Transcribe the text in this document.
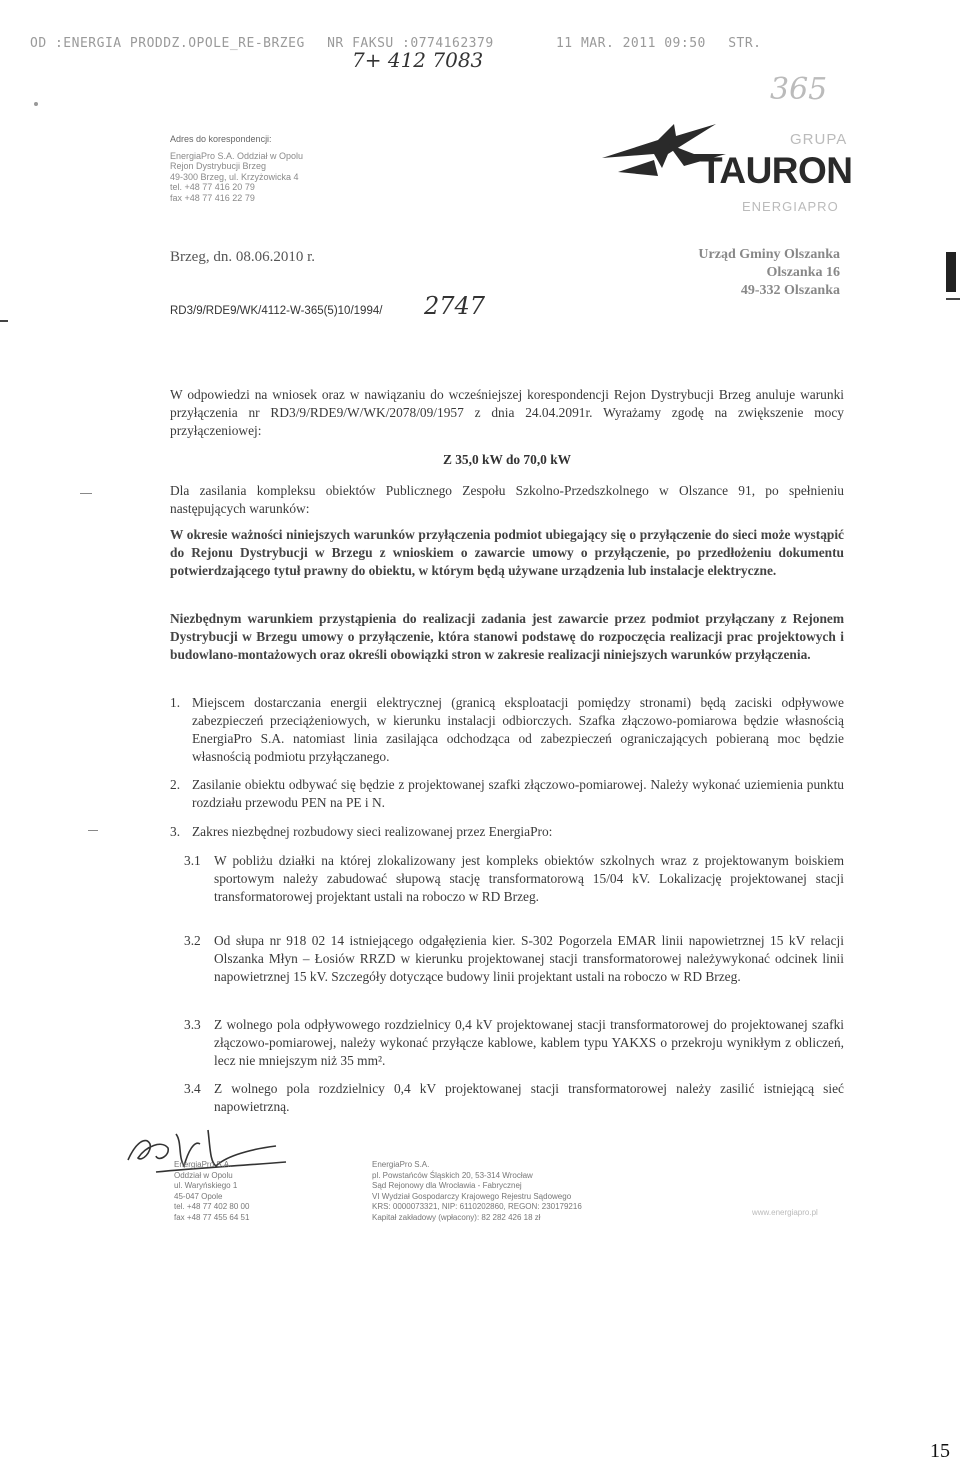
OD :ENERGIA PRODDZ.OPOLE_RE-BRZEG NR FAKSU :0774162379	11 MAR. 2011 09:50 STR.
7+ 412 7083
365
Adres do korespondencji:
EnergiaPro S.A. Oddział w Opolu
Rejon Dystrybucji Brzeg
49-300 Brzeg, ul. Krzyżowicka 4
tel. +48 77 416 20 79
fax +48 77 416 22 79
GRUPA
TAURON
ENERGIAPRO
Brzeg, dn. 08.06.2010 r.	Urząd Gminy Olszanka
Olszanka 16
49-332 Olszanka
RD3/9/RDE9/WK/4112-W-365(5)10/1994/ 2747
W odpowiedzi na wniosek oraz w nawiązaniu do wcześniejszej korespondencji Rejon Dystrybucji Brzeg anuluje warunki przyłączenia nr RD3/9/RDE9/W/WK/2078/09/1957 z dnia 24.04.2091r. Wyrażamy zgodę na zwiększenie mocy przyłączeniowej:
Z 35,0 kW do 70,0 kW
Dla zasilania kompleksu obiektów Publicznego Zespołu Szkolno-Przedszkolnego w Olszance 91, po spełnieniu następujących warunków:
W okresie ważności niniejszych warunków przyłączenia podmiot ubiegający się o przyłączenie do sieci może wystąpić do Rejonu Dystrybucji w Brzegu z wnioskiem o zawarcie umowy o przyłączenie, po przedłożeniu dokumentu potwierdzającego tytuł prawny do obiektu, w którym będą używane urządzenia lub instalacje elektryczne.
Niezbędnym warunkiem przystąpienia do realizacji zadania jest zawarcie przez podmiot przyłączany z Rejonem Dystrybucji w Brzegu umowy o przyłączenie, która stanowi podstawę do rozpoczęcia realizacji prac projektowych i budowlano-montażowych oraz określi obowiązki stron w zakresie realizacji niniejszych warunków przyłączenia.
1. Miejscem dostarczania energii elektrycznej (granicą eksploatacji pomiędzy stronami) będą zaciski odpływowe zabezpieczeń przeciążeniowych, w kierunku instalacji odbiorczych. Szafka złączowo-pomiarowa będzie własnością EnergiaPro S.A. natomiast linia zasilająca odchodząca od zabezpieczeń ograniczających pobieraną moc będzie własnością podmiotu przyłączanego.
2. Zasilanie obiektu odbywać się będzie z projektowanej szafki złączowo-pomiarowej. Należy wykonać uziemienia punktu rozdziału przewodu PEN na PE i N.
3. Zakres niezbędnej rozbudowy sieci realizowanej przez EnergiaPro:
3.1 W pobliżu działki na której zlokalizowany jest kompleks obiektów szkolnych wraz z projektowanym boiskiem sportowym należy zabudować słupową stację transformatorową 15/04 kV. Lokalizację projektowanej stacji transformatorowej projektant ustali na roboczo w RD Brzeg.
3.2 Od słupa nr 918 02 14 istniejącego odgałęzienia kier. S-302 Pogorzela EMAR linii napowietrznej 15 kV relacji Olszanka Młyn – Łosiów RRZD w kierunku projektowanej stacji transformatorowej należywykonać odcinek linii napowietrznej 15 kV. Szczegóły dotyczące budowy linii projektant ustali na roboczo w RD Brzeg.
3.3 Z wolnego pola odpływowego rozdzielnicy 0,4 kV projektowanej stacji transformatorowej do projektowanej szafki złączowo-pomiarowej, należy wykonać przyłącze kablowe, kablem typu YAKXS o przekroju wynikłym z obliczeń, lecz nie mniejszym niż 35 mm².
3.4 Z wolnego pola rozdzielnicy 0,4 kV projektowanej stacji transformatorowej należy zasilić istniejącą sieć napowietrzną.
EnergiaPro S.A.
Oddział w Opolu
ul. Waryńskiego 1
45-047 Opole
tel. +48 77 402 80 00
fax +48 77 455 64 51
EnergiaPro S.A.
pl. Powstańców Śląskich 20, 53-314 Wrocław
Sąd Rejonowy dla Wrocławia - Fabrycznej
VI Wydział Gospodarczy Krajowego Rejestru Sądowego
KRS: 0000073321, NIP: 6110202860, REGON: 230179216
Kapitał zakładowy (wpłacony): 82 282 426 18 zł	www.energiapro.pl
15
